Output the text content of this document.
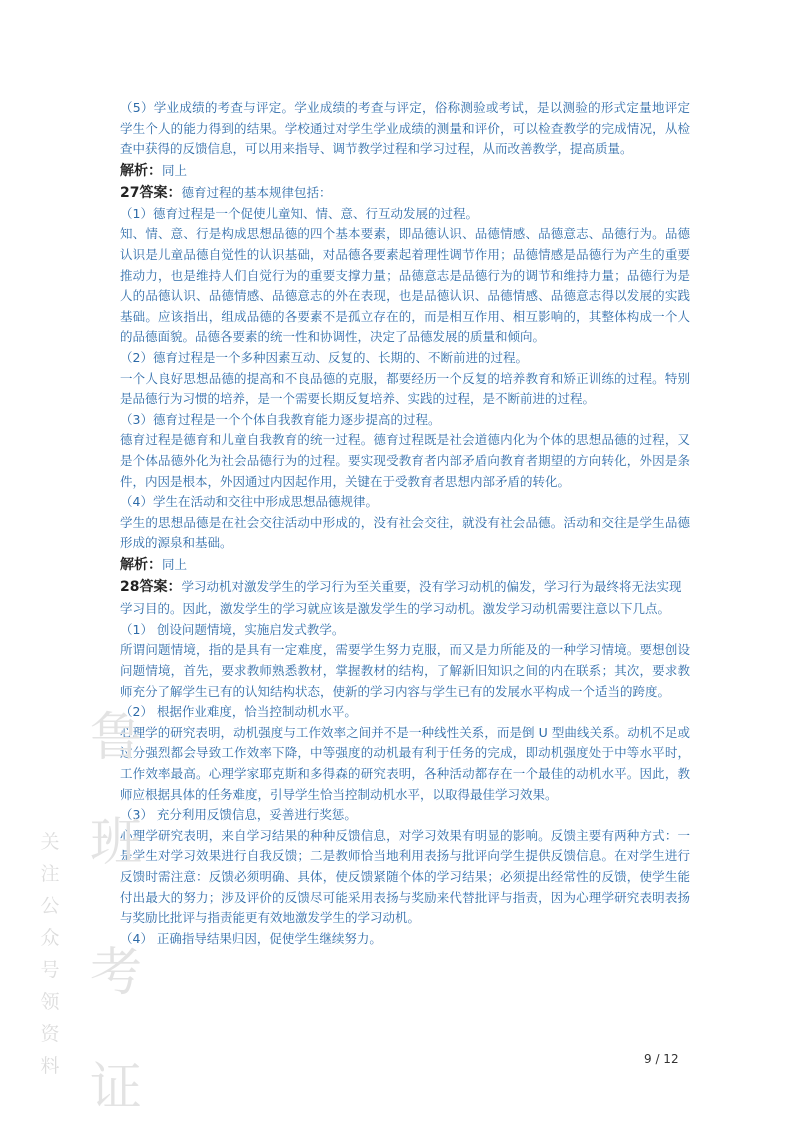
（5）学业成绩的考查与评定。学业成绩的考查与评定，俗称测验或考试，是以测验的形式定量地评定学生个人的能力得到的结果。学校通过对学生学业成绩的测量和评价，可以检查教学的完成情况，从检查中获得的反馈信息，可以用来指导、调节教学过程和学习过程，从而改善教学，提高质量。

解析：同上

27答案：德育过程的基本规律包括：

（1）德育过程是一个促使儿童知、情、意、行互动发展的过程。

知、情、意、行是构成思想品德的四个基本要素，即品德认识、品德情感、品德意志、品德行为。品德认识是儿童品德自觉性的认识基础，对品德各要素起着理性调节作用；品德情感是品德行为产生的重要推动力，也是维持人们自觉行为的重要支撑力量；品德意志是品德行为的调节和维持力量；品德行为是人的品德认识、品德情感、品德意志的外在表现，也是品德认识、品德情感、品德意志得以发展的实践基础。应该指出，组成品德的各要素不是孤立存在的，而是相互作用、相互影响的，其整体构成一个人的品德面貌。品德各要素的统一性和协调性，决定了品德发展的质量和倾向。

（2）德育过程是一个多种因素互动、反复的、长期的、不断前进的过程。

一个人良好思想品德的提高和不良品德的克服，都要经历一个反复的培养教育和矫正训练的过程。特别是品德行为习惯的培养，是一个需要长期反复培养、实践的过程，是不断前进的过程。

（3）德育过程是一个个体自我教育能力逐步提高的过程。

德育过程是德育和儿童自我教育的统一过程。德育过程既是社会道德内化为个体的思想品德的过程，又是个体品德外化为社会品德行为的过程。要实现受教育者内部矛盾向教育者期望的方向转化，外因是条件，内因是根本，外因通过内因起作用，关键在于受教育者思想内部矛盾的转化。

（4）学生在活动和交往中形成思想品德规律。

学生的思想品德是在社会交往活动中形成的，没有社会交往，就没有社会品德。活动和交往是学生品德形成的源泉和基础。

解析：同上

28答案：学习动机对激发学生的学习行为至关重要，没有学习动机的偏发，学习行为最终将无法实现学习目的。因此，激发学生的学习就应该是激发学生的学习动机。激发学习动机需要注意以下几点。

（1） 创设问题情境，实施启发式教学。

所谓问题情境，指的是具有一定难度，需要学生努力克服，而又是力所能及的一种学习情境。要想创设问题情境，首先，要求教师熟悉教材，掌握教材的结构，了解新旧知识之间的内在联系；其次，要求教师充分了解学生已有的认知结构状态，使新的学习内容与学生已有的发展水平构成一个适当的跨度。

（2） 根据作业难度，恰当控制动机水平。

心理学的研究表明，动机强度与工作效率之间并不是一种线性关系，而是倒 U 型曲线关系。动机不足或过分强烈都会导致工作效率下降，中等强度的动机最有利于任务的完成，即动机强度处于中等水平时，工作效率最高。心理学家耶克斯和多得森的研究表明，各种活动都存在一个最佳的动机水平。因此，教师应根据具体的任务难度，引导学生恰当控制动机水平，以取得最佳学习效果。

（3） 充分利用反馈信息，妥善进行奖惩。

心理学研究表明，来自学习结果的种种反馈信息，对学习效果有明显的影响。反馈主要有两种方式：一是学生对学习效果进行自我反馈；二是教师恰当地利用表扬与批评向学生提供反馈信息。在对学生进行反馈时需注意：反馈必须明确、具体，使反馈紧随个体的学习结果；必须提出经常性的反馈，使学生能付出最大的努力；涉及评价的反馈尽可能采用表扬与奖励来代替批评与指责，因为心理学研究表明表扬与奖励比批评与指责能更有效地激发学生的学习动机。

（4） 正确指导结果归因，促使学生继续努力。

关
注
公
众
号
领
资
料
鲁
班
考
证	9 / 12
